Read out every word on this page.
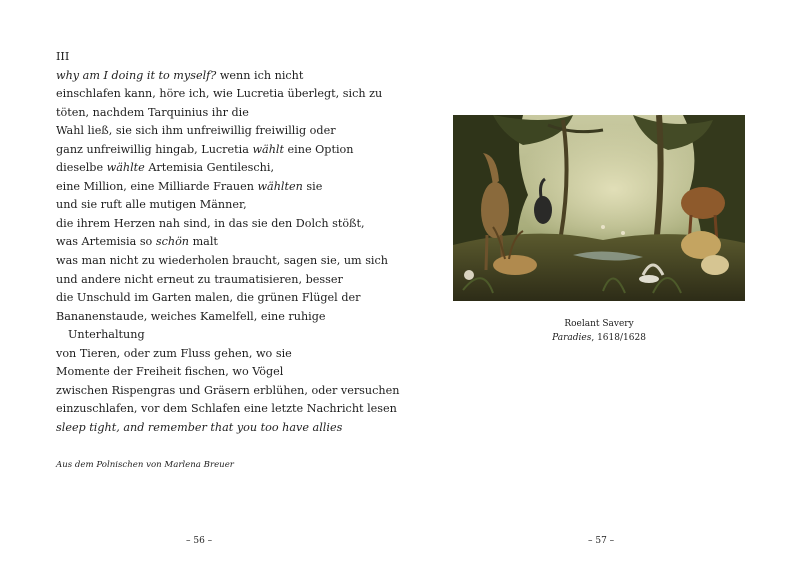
III
why am I doing it to myself? wenn ich nicht
einschlafen kann, höre ich, wie Lucretia überlegt, sich zu
töten, nachdem Tarquinius ihr die
Wahl ließ, sie sich ihm unfreiwillig freiwillig oder
ganz unfreiwillig hingab, Lucretia wählt eine Option
dieselbe wählte Artemisia Gentileschi,
eine Million, eine Milliarde Frauen wählten sie
und sie ruft alle mutigen Männer,
die ihrem Herzen nah sind, in das sie den Dolch stößt,
was Artemisia so schön malt
was man nicht zu wiederholen braucht, sagen sie, um sich
und andere nicht erneut zu traumatisieren, besser
die Unschuld im Garten malen, die grünen Flügel der
Bananenstaude, weiches Kamelfell, eine ruhige
Unterhaltung
von Tieren, oder zum Fluss gehen, wo sie
Momente der Freiheit fischen, wo Vögel
zwischen Rispengras und Gräsern erblühen, oder versuchen
einzuschlafen, vor dem Schlafen eine letzte Nachricht lesen
sleep tight, and remember that you too have allies
Aus dem Polnischen von Marlena Breuer
– 56 –
Roelant Savery
Paradies, 1618/1628
– 57 –
